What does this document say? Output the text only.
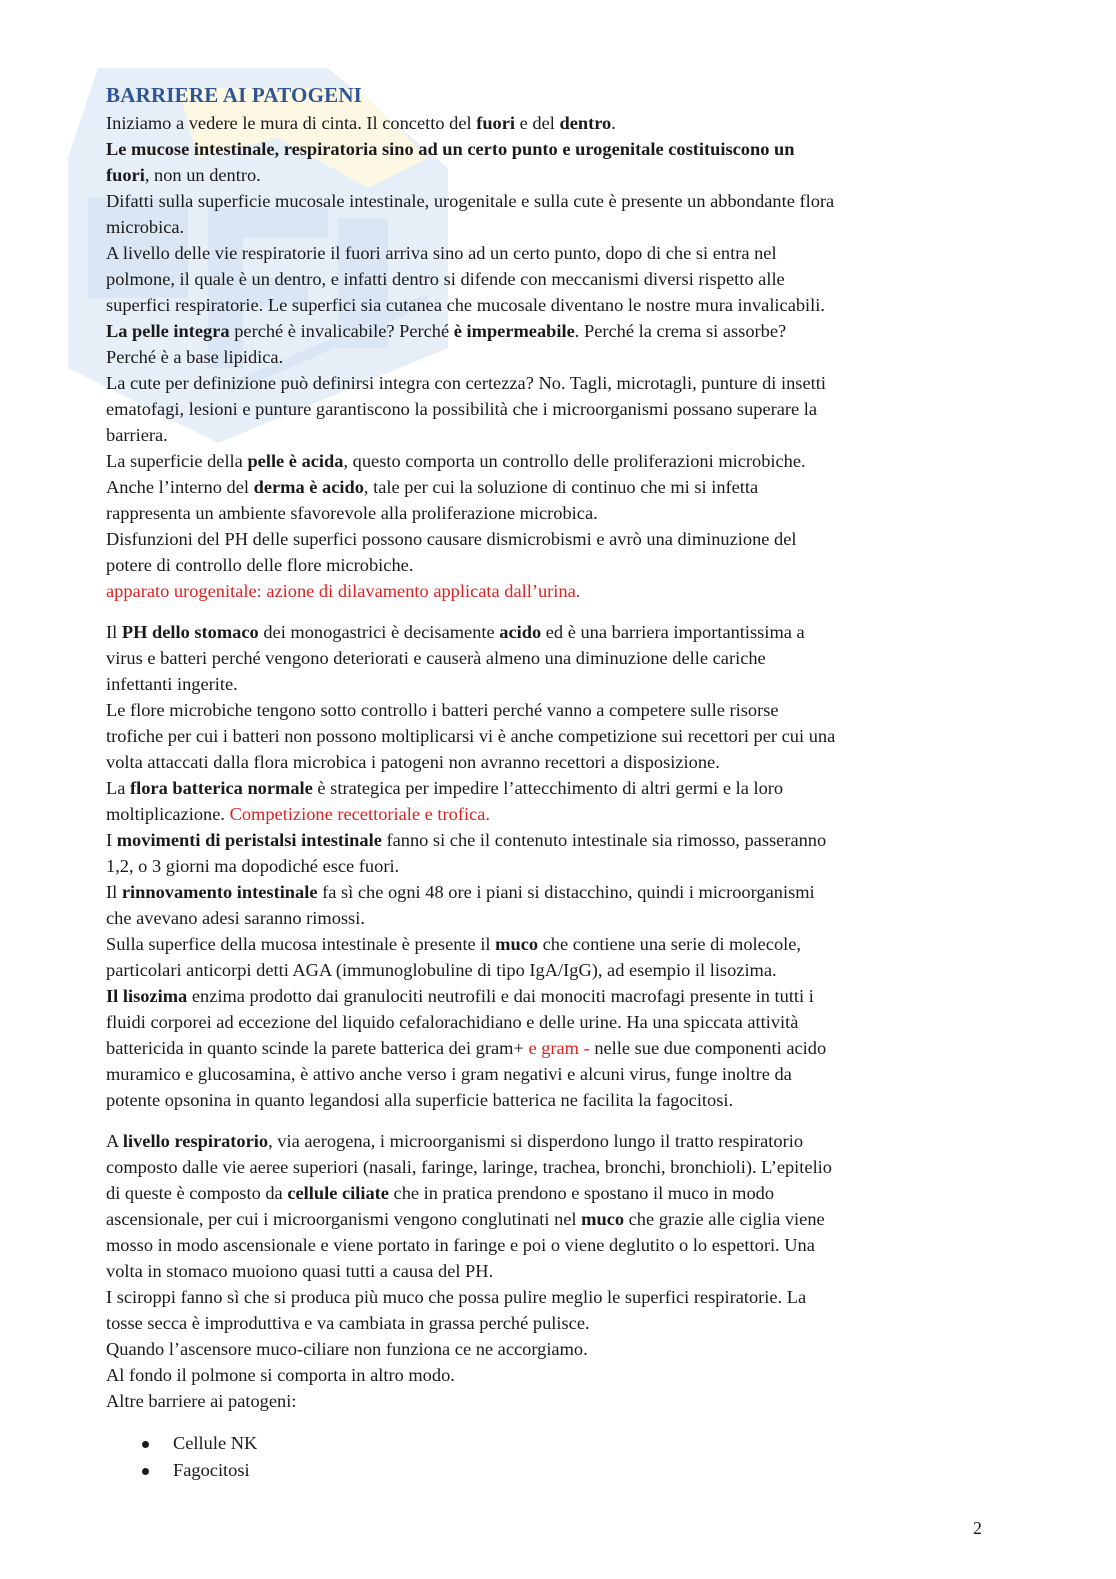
BARRIERE AI PATOGENI

Iniziamo a vedere le mura di cinta. Il concetto del fuori e del dentro.

Le mucose intestinale, respiratoria sino ad un certo punto e urogenitale costituiscono un

fuori, non un dentro.

Difatti sulla superficie mucosale intestinale, urogenitale e sulla cute è presente un abbondante flora

microbica.

A livello delle vie respiratorie il fuori arriva sino ad un certo punto, dopo di che si entra nel

polmone, il quale è un dentro, e infatti dentro si difende con meccanismi diversi rispetto alle

superfici respiratorie. Le superfici sia cutanea che mucosale diventano le nostre mura invalicabili.

La pelle integra perché è invalicabile? Perché è impermeabile. Perché la crema si assorbe?

Perché è a base lipidica.

La cute per definizione può definirsi integra con certezza? No. Tagli, microtagli, punture di insetti

ematofagi, lesioni e punture garantiscono la possibilità che i microorganismi possano superare la

barriera.

La superficie della pelle è acida, questo comporta un controllo delle proliferazioni microbiche.

Anche l’interno del derma è acido, tale per cui la soluzione di continuo che mi si infetta

rappresenta un ambiente sfavorevole alla proliferazione microbica.

Disfunzioni del PH delle superfici possono causare dismicrobismi e avrò una diminuzione del

potere di controllo delle flore microbiche.

apparato urogenitale: azione di dilavamento applicata dall’urina.

Il PH dello stomaco dei monogastrici è decisamente acido ed è una barriera importantissima a

virus e batteri perché vengono deteriorati e causerà almeno una diminuzione delle cariche

infettanti ingerite.

Le flore microbiche tengono sotto controllo i batteri perché vanno a competere sulle risorse

trofiche per cui i batteri non possono moltiplicarsi vi è anche competizione sui recettori per cui una

volta attaccati dalla flora microbica i patogeni non avranno recettori a disposizione.

La flora batterica normale è strategica per impedire l’attecchimento di altri germi e la loro

moltiplicazione. Competizione recettoriale e trofica.

I movimenti di peristalsi intestinale fanno si che il contenuto intestinale sia rimosso, passeranno

1,2, o 3 giorni ma dopodiché esce fuori.

Il rinnovamento intestinale fa sì che ogni 48 ore i piani si distacchino, quindi i microorganismi

che avevano adesi saranno rimossi.

Sulla superfice della mucosa intestinale è presente il muco che contiene una serie di molecole,

particolari anticorpi detti AGA (immunoglobuline di tipo IgA/IgG), ad esempio il lisozima.

Il lisozima enzima prodotto dai granulociti neutrofili e dai monociti macrofagi presente in tutti i

fluidi corporei ad eccezione del liquido cefalorachidiano e delle urine. Ha una spiccata attività

battericida in quanto scinde la parete batterica dei gram+ e gram - nelle sue due componenti acido

muramico e glucosamina, è attivo anche verso i gram negativi e alcuni virus, funge inoltre da

potente opsonina in quanto legandosi alla superficie batterica ne facilita la fagocitosi.

A livello respiratorio, via aerogena, i microorganismi si disperdono lungo il tratto respiratorio

composto dalle vie aeree superiori (nasali, faringe, laringe, trachea, bronchi, bronchioli). L’epitelio

di queste è composto da cellule ciliate che in pratica prendono e spostano il muco in modo

ascensionale, per cui i microorganismi vengono conglutinati nel muco che grazie alle ciglia viene

mosso in modo ascensionale e viene portato in faringe e poi o viene deglutito o lo espettori. Una

volta in stomaco muoiono quasi tutti a causa del PH.

I sciroppi fanno sì che si produca più muco che possa pulire meglio le superfici respiratorie. La

tosse secca è improduttiva e va cambiata in grassa perché pulisce.

Quando l’ascensore muco-ciliare non funziona ce ne accorgiamo.

Al fondo il polmone si comporta in altro modo.

Altre barriere ai patogeni:

Cellule NK
Fagocitosi
2
